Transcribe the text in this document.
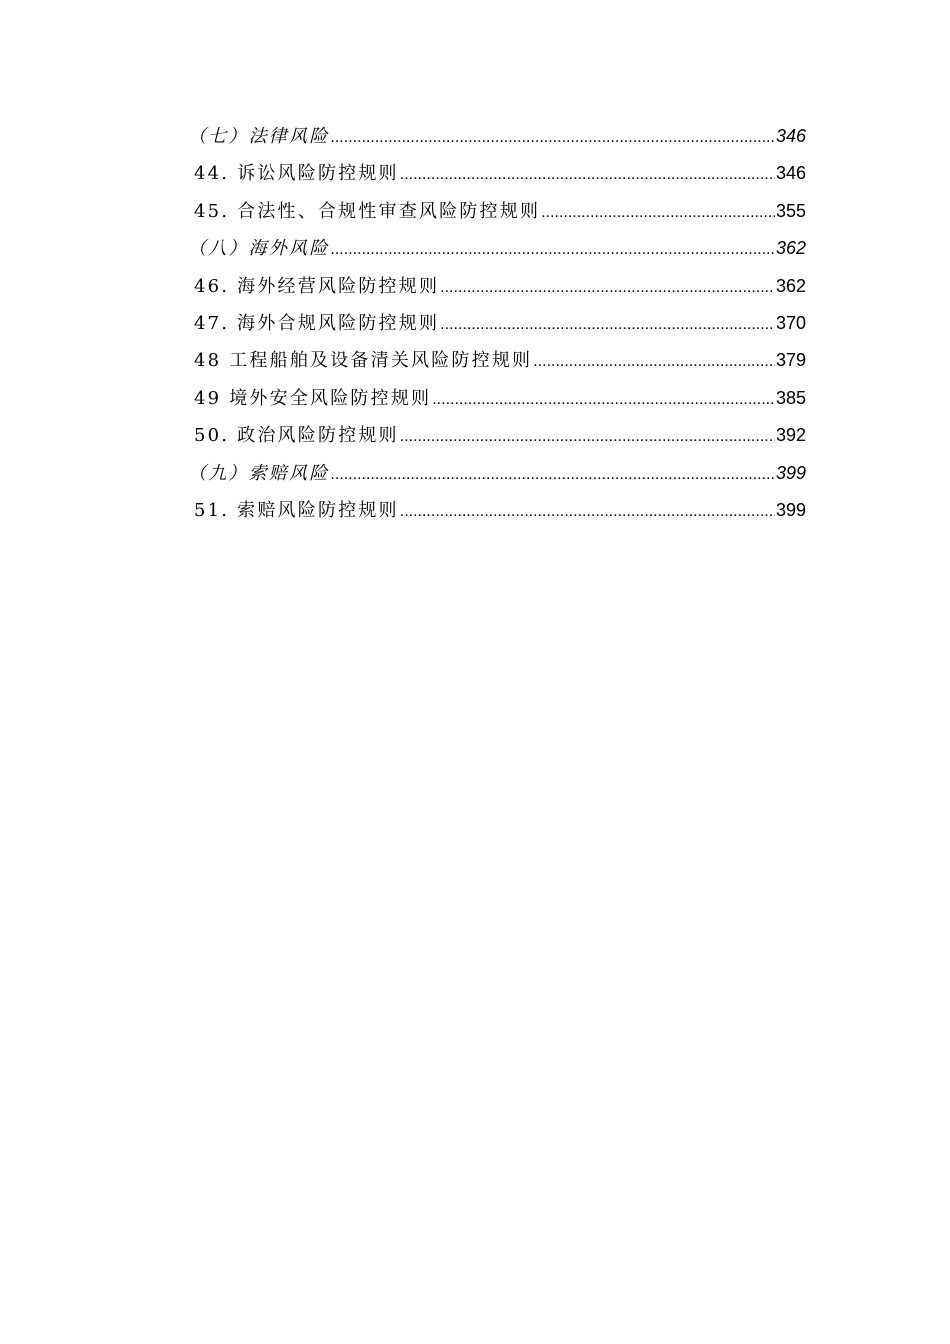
（七）法律风险 .....	346
44. 诉讼风险防控规则 .....	346
45. 合法性、合规性审查风险防控规则 .....	355
（八）海外风险 .....	362
46. 海外经营风险防控规则 .....	362
47. 海外合规风险防控规则 .....	370
48 工程船舶及设备清关风险防控规则 .....	379
49 境外安全风险防控规则 .....	385
50. 政治风险防控规则 .....	392
（九）索赔风险 .....	399
51. 索赔风险防控规则 .....	399
